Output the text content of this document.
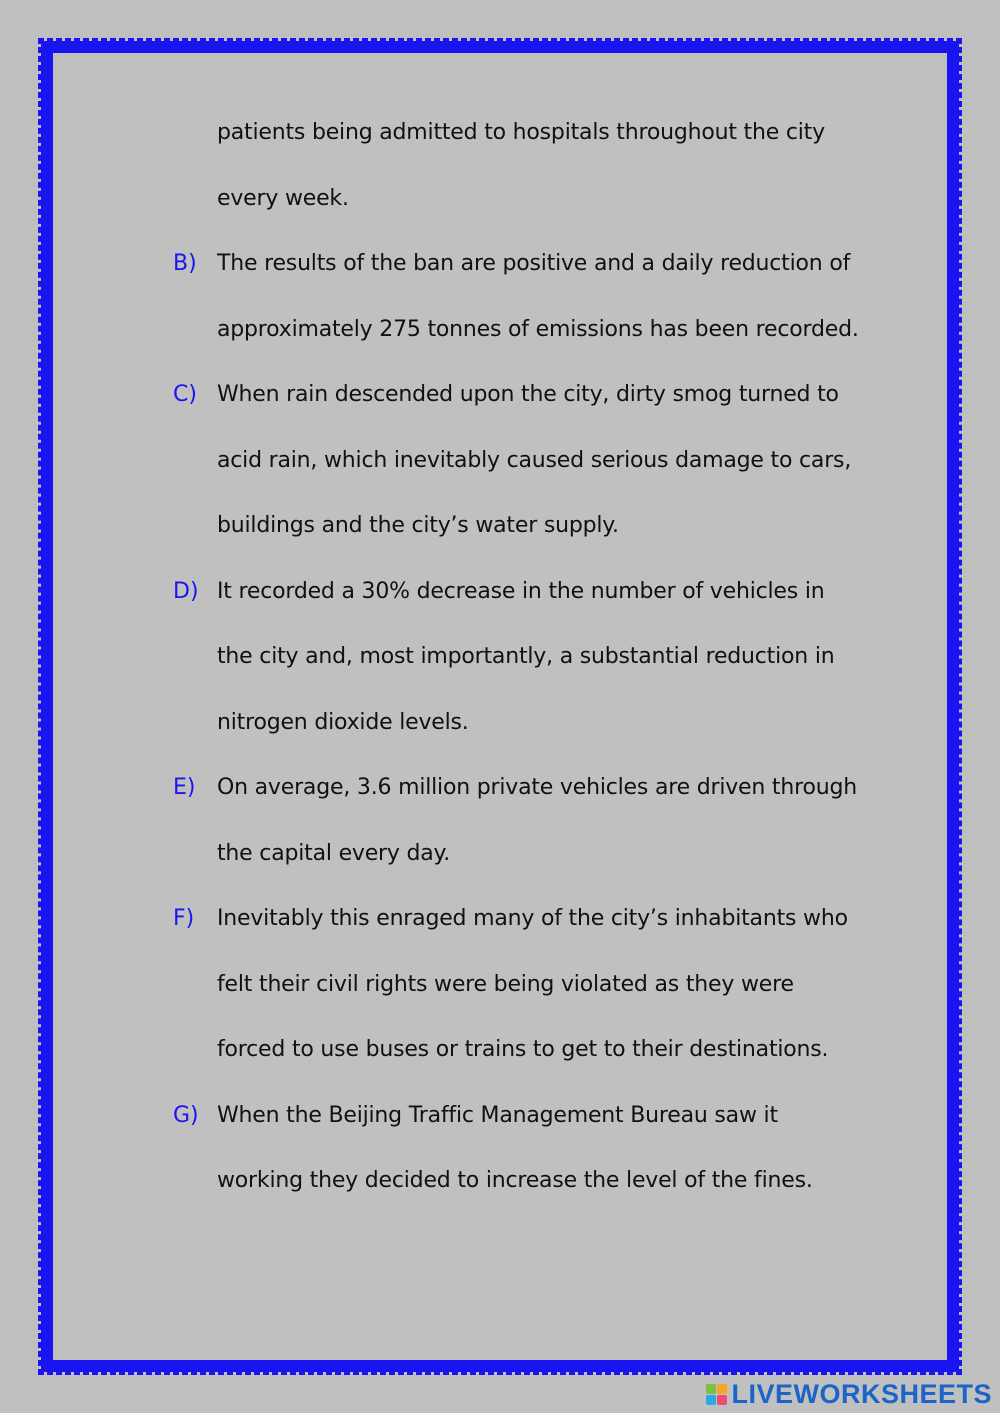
patients being admitted to hospitals throughout the city
every week.
B) The results of the ban are positive and a daily reduction of
approximately 275 tonnes of emissions has been recorded.
C) When rain descended upon the city, dirty smog turned to
acid rain, which inevitably caused serious damage to cars,
buildings and the city’s water supply.
D) It recorded a 30% decrease in the number of vehicles in
the city and, most importantly, a substantial reduction in
nitrogen dioxide levels.
E) On average, 3.6 million private vehicles are driven through
the capital every day.
F) Inevitably this enraged many of the city’s inhabitants who
felt their civil rights were being violated as they were
forced to use buses or trains to get to their destinations.
G) When the Beijing Traffic Management Bureau saw it
working they decided to increase the level of the fines.
LIVEWORKSHEETS
